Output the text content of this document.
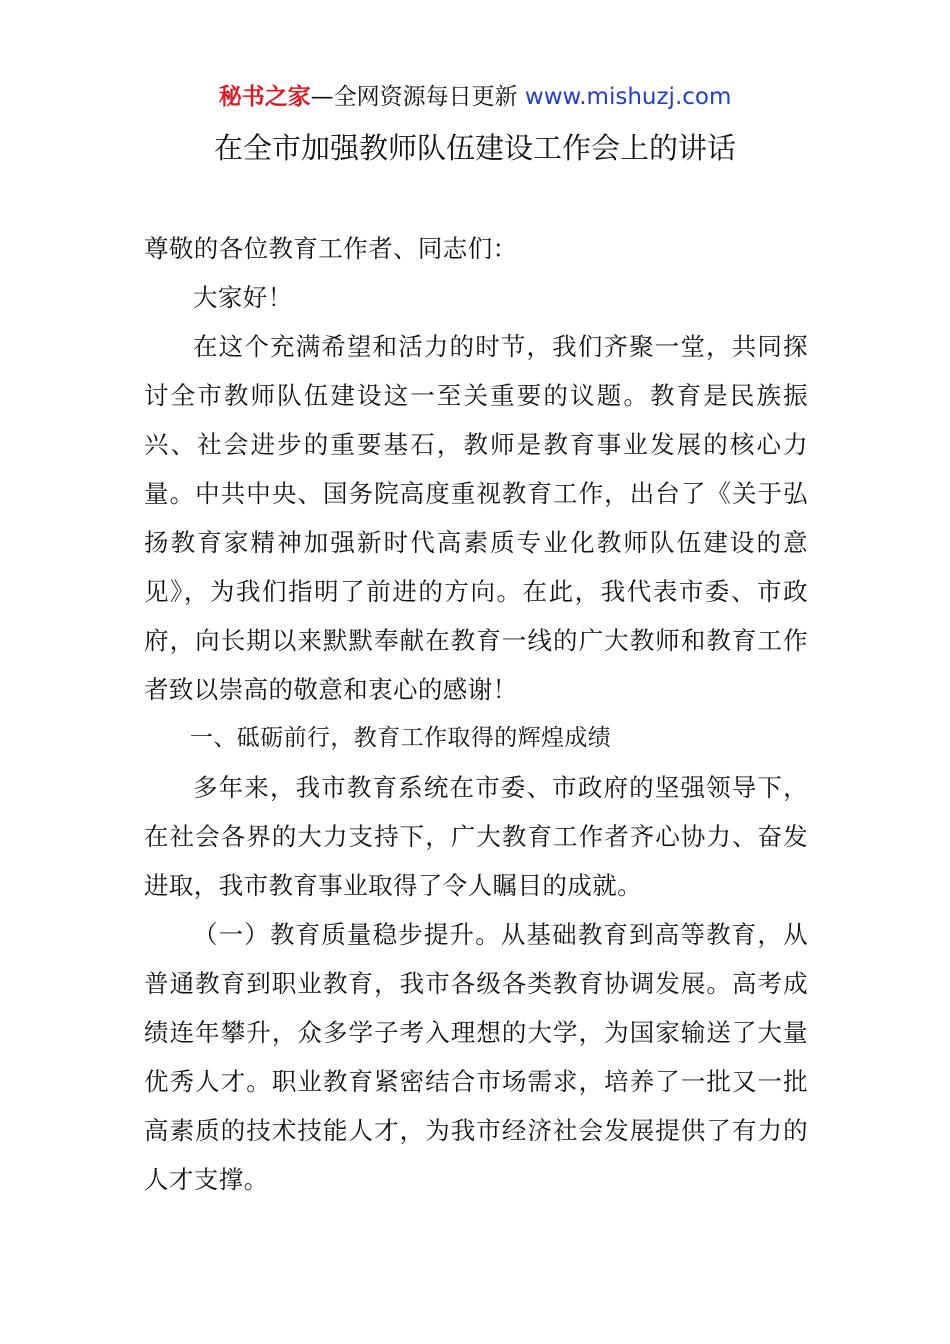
秘书之家—全网资源每日更新 www.mishuzj.com
在全市加强教师队伍建设工作会上的讲话

尊敬的各位教育工作者、同志们：

大家好！

在这个充满希望和活力的时节，我们齐聚一堂，共同探讨全市教师队伍建设这一至关重要的议题。教育是民族振兴、社会进步的重要基石，教师是教育事业发展的核心力量。中共中央、国务院高度重视教育工作，出台了《关于弘扬教育家精神加强新时代高素质专业化教师队伍建设的意见》，为我们指明了前进的方向。在此，我代表市委、市政府，向长期以来默默奉献在教育一线的广大教师和教育工作者致以崇高的敬意和衷心的感谢！

一、砥砺前行，教育工作取得的辉煌成绩

多年来，我市教育系统在市委、市政府的坚强领导下，在社会各界的大力支持下，广大教育工作者齐心协力、奋发进取，我市教育事业取得了令人瞩目的成就。

（一）教育质量稳步提升。从基础教育到高等教育，从普通教育到职业教育，我市各级各类教育协调发展。高考成绩连年攀升，众多学子考入理想的大学，为国家输送了大量优秀人才。职业教育紧密结合市场需求，培养了一批又一批高素质的技术技能人才，为我市经济社会发展提供了有力的人才支撑。
